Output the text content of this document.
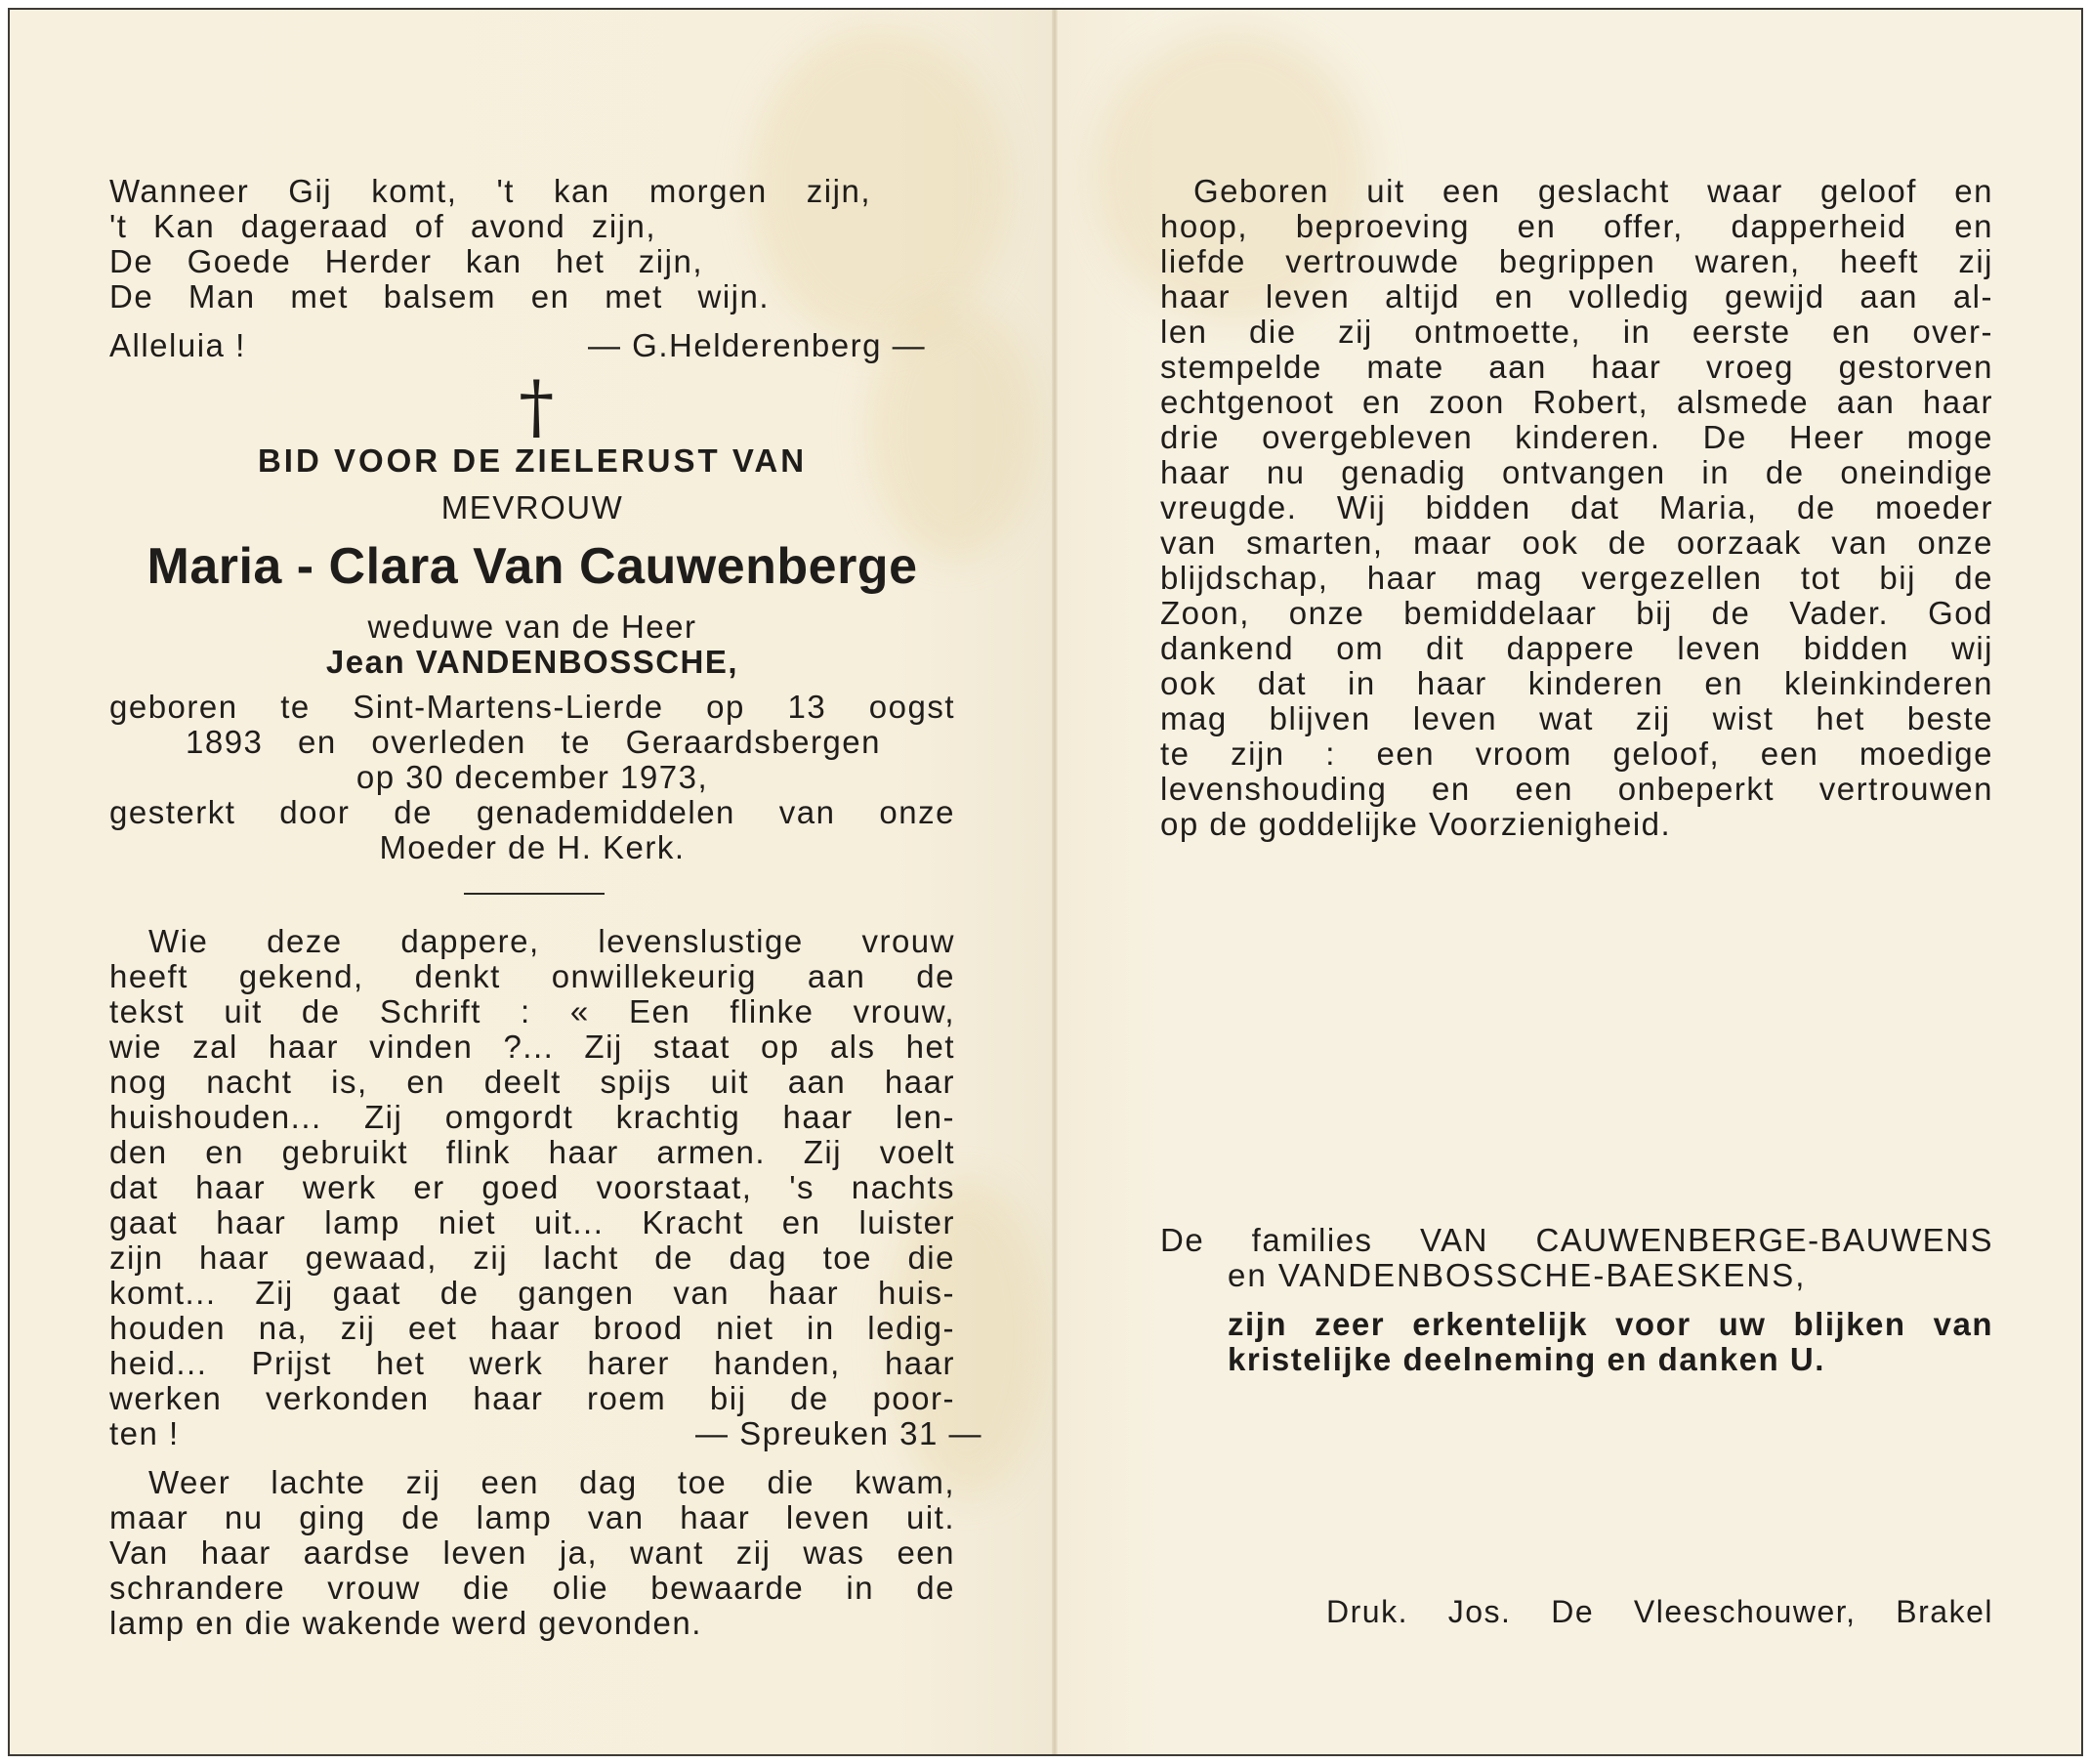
Wanneer Gij komt, 't kan morgen zijn,
't Kan dageraad of avond zijn,
De Goede Herder kan het zijn,
De Man met balsem en met wijn.

Alleluia !	— G.Helderenberg —

†

BID VOOR DE ZIELERUST VAN

MEVROUW

Maria - Clara Van Cauwenberge

weduwe van de Heer

Jean VANDENBOSSCHE,

geboren te Sint-Martens-Lierde op 13 oogst
1893 en overleden te Geraardsbergen

op 30 december 1973,

gesterkt door de genademiddelen van onze

Moeder de H. Kerk.

Wie deze dappere, levenslustige vrouw
heeft gekend, denkt onwillekeurig aan de
tekst uit de Schrift : « Een flinke vrouw,
wie zal haar vinden ?... Zij staat op als het
nog nacht is, en deelt spijs uit aan haar
huishouden... Zij omgordt krachtig haar len-
den en gebruikt flink haar armen. Zij voelt
dat haar werk er goed voorstaat, 's nachts
gaat haar lamp niet uit... Kracht en luister
zijn haar gewaad, zij lacht de dag toe die
komt... Zij gaat de gangen van haar huis-
houden na, zij eet haar brood niet in ledig-
heid... Prijst het werk harer handen, haar
werken verkonden haar roem bij de poor-

ten !	— Spreuken 31 —

Weer lachte zij een dag toe die kwam,
maar nu ging de lamp van haar leven uit.
Van haar aardse leven ja, want zij was een
schrandere vrouw die olie bewaarde in de
lamp en die wakende werd gevonden.
Geboren uit een geslacht waar geloof en
hoop, beproeving en offer, dapperheid en
liefde vertrouwde begrippen waren, heeft zij
haar leven altijd en volledig gewijd aan al-
len die zij ontmoette, in eerste en over-
stempelde mate aan haar vroeg gestorven
echtgenoot en zoon Robert, alsmede aan haar
drie overgebleven kinderen. De Heer moge
haar nu genadig ontvangen in de oneindige
vreugde. Wij bidden dat Maria, de moeder
van smarten, maar ook de oorzaak van onze
blijdschap, haar mag vergezellen tot bij de
Zoon, onze bemiddelaar bij de Vader. God
dankend om dit dappere leven bidden wij
ook dat in haar kinderen en kleinkinderen
mag blijven leven wat zij wist het beste
te zijn : een vroom geloof, een moedige
levenshouding en een onbeperkt vertrouwen
op de goddelijke Voorzienigheid.
De families VAN CAUWENBERGE-BAUWENS

en VANDENBOSSCHE-BAESKENS,

zijn zeer erkentelijk voor uw blijken van
kristelijke deelneming en danken U.
Druk. Jos. De Vleeschouwer, Brakel
